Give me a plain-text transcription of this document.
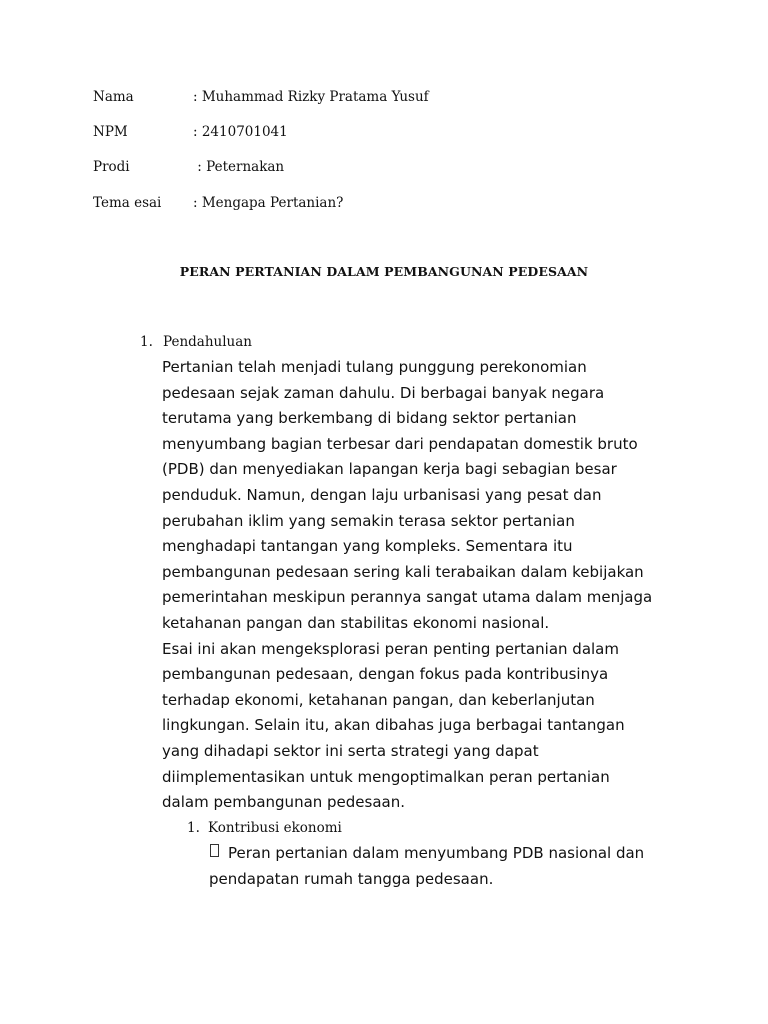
Nama	: Muhammad Rizky Pratama Yusuf
NPM	: 2410701041
Prodi	: Peternakan
Tema esai : Mengapa Pertanian?
PERAN PERTANIAN DALAM PEMBANGUNAN PEDESAAN
1. Pendahuluan
Pertanian telah menjadi tulang punggung perekonomian
pedesaan sejak zaman dahulu. Di berbagai banyak negara
terutama yang berkembang di bidang sektor pertanian
menyumbang bagian terbesar dari pendapatan domestik bruto
(PDB) dan menyediakan lapangan kerja bagi sebagian besar
penduduk. Namun, dengan laju urbanisasi yang pesat dan
perubahan iklim yang semakin terasa sektor pertanian
menghadapi tantangan yang kompleks. Sementara itu
pembangunan pedesaan sering kali terabaikan dalam kebijakan
pemerintahan meskipun perannya sangat utama dalam menjaga
ketahanan pangan dan stabilitas ekonomi nasional.
Esai ini akan mengeksplorasi peran penting pertanian dalam
pembangunan pedesaan, dengan fokus pada kontribusinya
terhadap ekonomi, ketahanan pangan, dan keberlanjutan
lingkungan. Selain itu, akan dibahas juga berbagai tantangan
yang dihadapi sektor ini serta strategi yang dapat
diimplementasikan untuk mengoptimalkan peran pertanian
dalam pembangunan pedesaan.
1. Kontribusi ekonomi
Peran pertanian dalam menyumbang PDB nasional dan
pendapatan rumah tangga pedesaan.
